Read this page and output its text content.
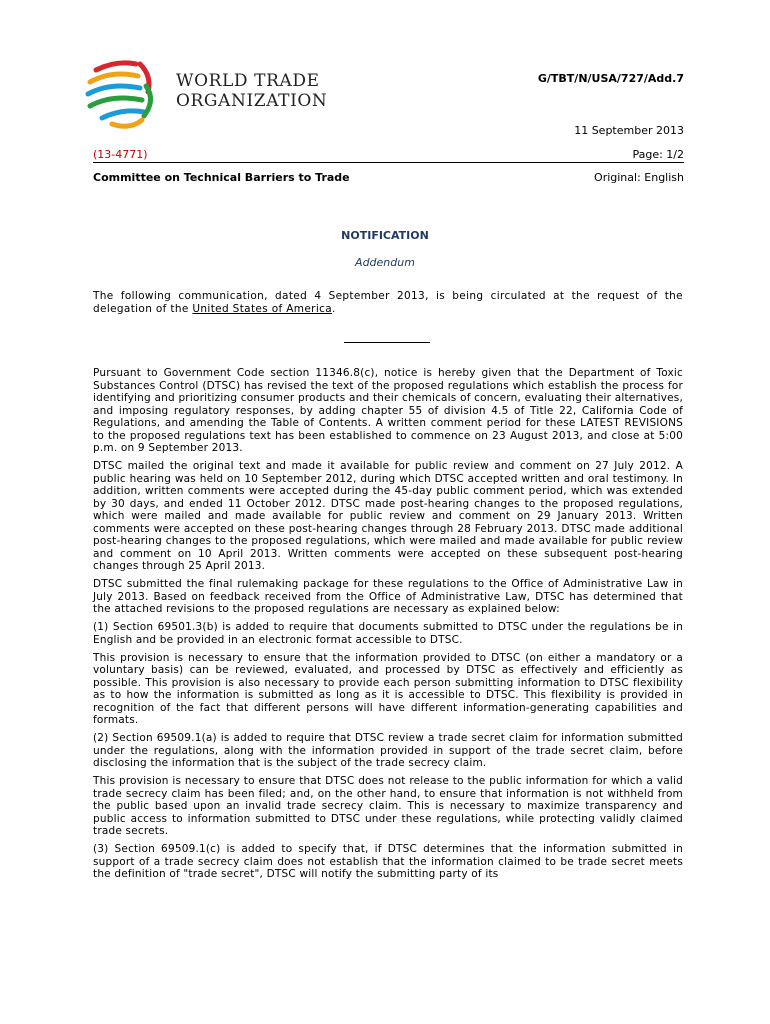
WORLD TRADE
ORGANIZATION
G/TBT/N/USA/727/Add.7
11 September 2013
(13-4771)	Page: 1/2
Committee on Technical Barriers to Trade	Original: English
NOTIFICATION
Addendum
The following communication, dated 4 September 2013, is being circulated at the request of the delegation of the United States of America.

Pursuant to Government Code section 11346.8(c), notice is hereby given that the Department of Toxic Substances Control (DTSC) has revised the text of the proposed regulations which establish the process for identifying and prioritizing consumer products and their chemicals of concern, evaluating their alternatives, and imposing regulatory responses, by adding chapter 55 of division 4.5 of Title 22, California Code of Regulations, and amending the Table of Contents. A written comment period for these LATEST REVISIONS to the proposed regulations text has been established to commence on 23 August 2013, and close at 5:00 p.m. on 9 September 2013.

DTSC mailed the original text and made it available for public review and comment on 27 July 2012. A public hearing was held on 10 September 2012, during which DTSC accepted written and oral testimony. In addition, written comments were accepted during the 45-day public comment period, which was extended by 30 days, and ended 11 October 2012. DTSC made post-hearing changes to the proposed regulations, which were mailed and made available for public review and comment on 29 January 2013. Written comments were accepted on these post-hearing changes through 28 February 2013. DTSC made additional post-hearing changes to the proposed regulations, which were mailed and made available for public review and comment on 10 April 2013. Written comments were accepted on these subsequent post-hearing changes through 25 April 2013.

DTSC submitted the final rulemaking package for these regulations to the Office of Administrative Law in July 2013. Based on feedback received from the Office of Administrative Law, DTSC has determined that the attached revisions to the proposed regulations are necessary as explained below:

(1) Section 69501.3(b) is added to require that documents submitted to DTSC under the regulations be in English and be provided in an electronic format accessible to DTSC.

This provision is necessary to ensure that the information provided to DTSC (on either a mandatory or a voluntary basis) can be reviewed, evaluated, and processed by DTSC as effectively and efficiently as possible. This provision is also necessary to provide each person submitting information to DTSC flexibility as to how the information is submitted as long as it is accessible to DTSC. This flexibility is provided in recognition of the fact that different persons will have different information-generating capabilities and formats.

(2) Section 69509.1(a) is added to require that DTSC review a trade secret claim for information submitted under the regulations, along with the information provided in support of the trade secret claim, before disclosing the information that is the subject of the trade secrecy claim.

This provision is necessary to ensure that DTSC does not release to the public information for which a valid trade secrecy claim has been filed; and, on the other hand, to ensure that information is not withheld from the public based upon an invalid trade secrecy claim. This is necessary to maximize transparency and public access to information submitted to DTSC under these regulations, while protecting validly claimed trade secrets.

(3) Section 69509.1(c) is added to specify that, if DTSC determines that the information submitted in support of a trade secrecy claim does not establish that the information claimed to be trade secret meets the definition of "trade secret", DTSC will notify the submitting party of its
